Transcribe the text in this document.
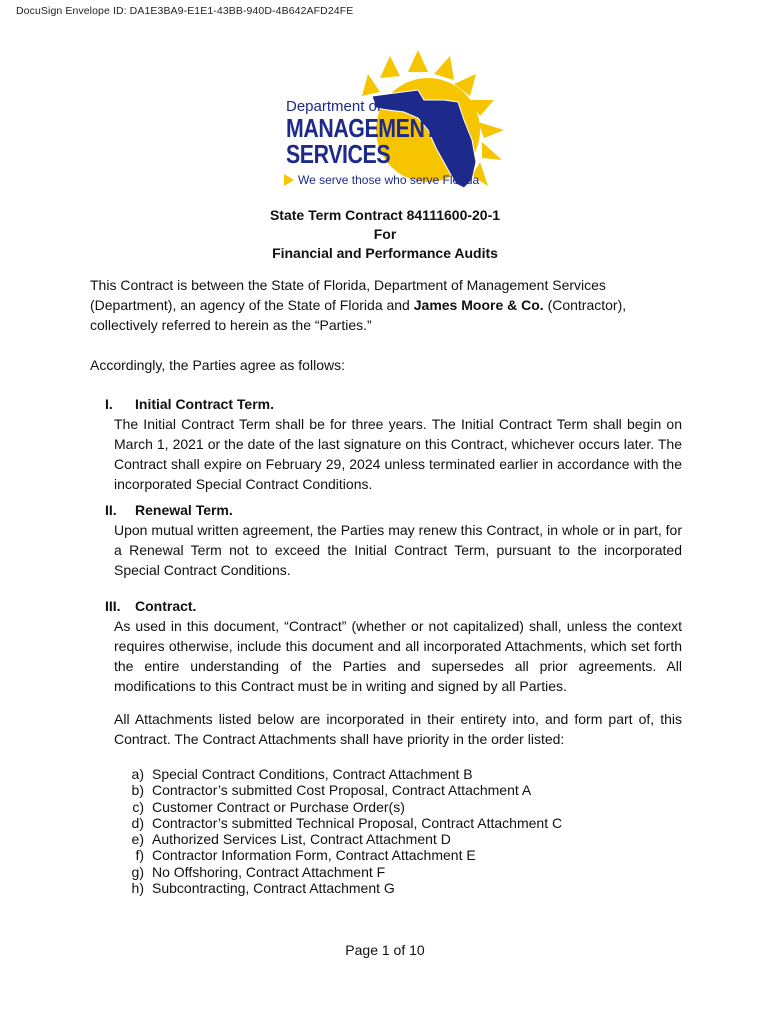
DocuSign Envelope ID: DA1E3BA9-E1E1-43BB-940D-4B642AFD24FE
Department of
MANAGEMENT
SERVICES
We serve those who serve Florida
State Term Contract 84111600-20-1
For
Financial and Performance Audits
This Contract is between the State of Florida, Department of Management Services (Department), an agency of the State of Florida and James Moore & Co. (Contractor), collectively referred to herein as the “Parties.”
Accordingly, the Parties agree as follows:
I.	Initial Contract Term.
The Initial Contract Term shall be for three years. The Initial Contract Term shall begin on March 1, 2021 or the date of the last signature on this Contract, whichever occurs later. The Contract shall expire on February 29, 2024 unless terminated earlier in accordance with the incorporated Special Contract Conditions.
II.	Renewal Term.
Upon mutual written agreement, the Parties may renew this Contract, in whole or in part, for a Renewal Term not to exceed the Initial Contract Term, pursuant to the incorporated Special Contract Conditions.
III.	Contract.
As used in this document, “Contract” (whether or not capitalized) shall, unless the context requires otherwise, include this document and all incorporated Attachments, which set forth the entire understanding of the Parties and supersedes all prior agreements. All modifications to this Contract must be in writing and signed by all Parties.
All Attachments listed below are incorporated in their entirety into, and form part of, this Contract. The Contract Attachments shall have priority in the order listed:
a) Special Contract Conditions, Contract Attachment B
b) Contractor’s submitted Cost Proposal, Contract Attachment A
c) Customer Contract or Purchase Order(s)
d) Contractor’s submitted Technical Proposal, Contract Attachment C
e) Authorized Services List, Contract Attachment D
f) Contractor Information Form, Contract Attachment E
g) No Offshoring, Contract Attachment F
h) Subcontracting, Contract Attachment G
Page 1 of 10
